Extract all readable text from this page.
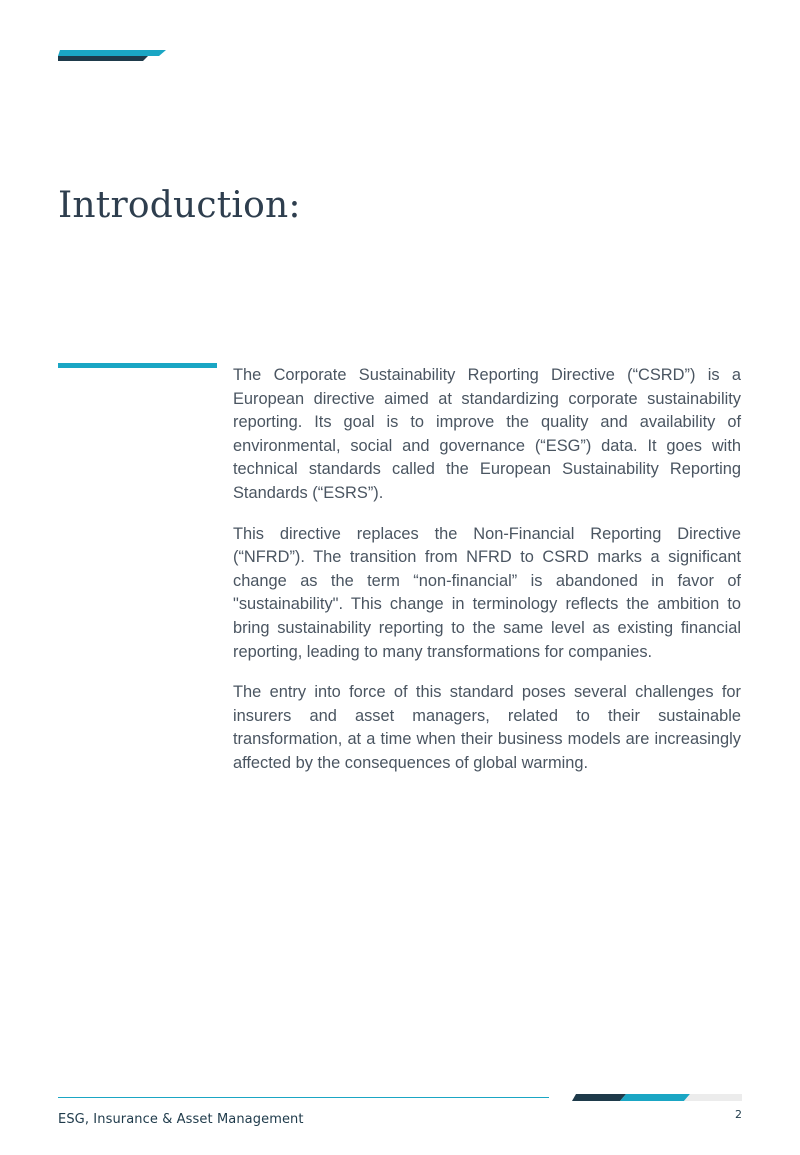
Introduction:

The Corporate Sustainability Reporting Directive (“CSRD”) is a European directive aimed at standardizing corporate sustainability reporting. Its goal is to improve the quality and availability of environmental, social and governance (“ESG”) data. It goes with technical standards called the European Sustainability Reporting Standards (“ESRS”).

This directive replaces the Non-Financial Reporting Directive (“NFRD”). The transition from NFRD to CSRD marks a significant change as the term “non-financial” is abandoned in favor of "sustainability". This change in terminology reflects the ambition to bring sustainability reporting to the same level as existing financial reporting, leading to many transformations for companies.

The entry into force of this standard poses several challenges for insurers and asset managers, related to their sustainable transformation, at a time when their business models are increasingly affected by the consequences of global warming.

ESG, Insurance & Asset Management	2
